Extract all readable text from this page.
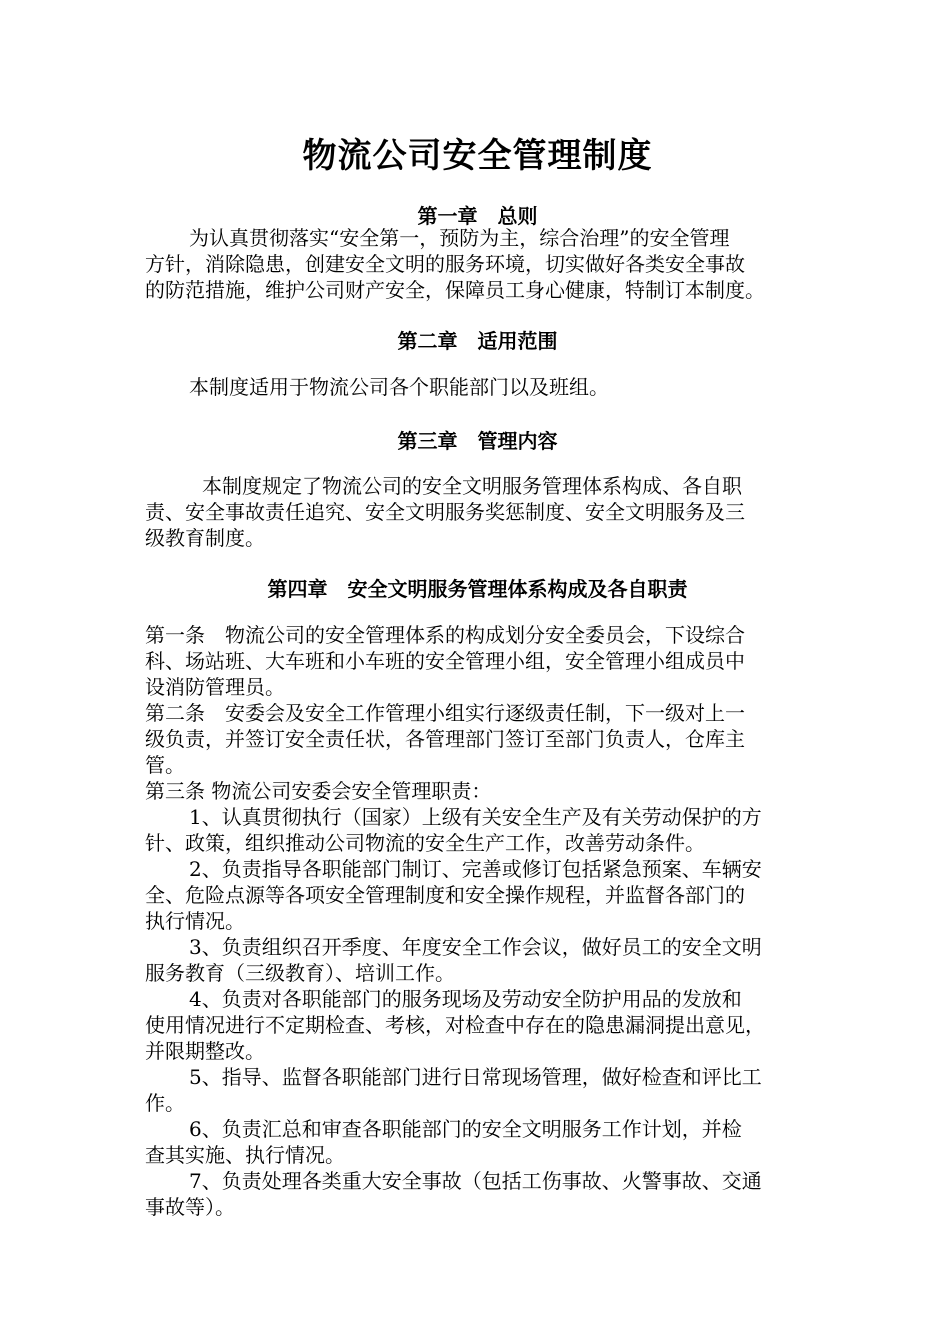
物流公司安全管理制度
第一章　总则
为认真贯彻落实“安全第一，预防为主，综合治理”的安全管理
方针，消除隐患，创建安全文明的服务环境，切实做好各类安全事故
的防范措施，维护公司财产安全，保障员工身心健康，特制订本制度。
第二章　适用范围
本制度适用于物流公司各个职能部门以及班组。
第三章　管理内容
本制度规定了物流公司的安全文明服务管理体系构成、各自职
责、安全事故责任追究、安全文明服务奖惩制度、安全文明服务及三
级教育制度。
第四章　安全文明服务管理体系构成及各自职责
第一条　物流公司的安全管理体系的构成划分安全委员会，下设综合
科、场站班、大车班和小车班的安全管理小组，安全管理小组成员中
设消防管理员。
第二条　安委会及安全工作管理小组实行逐级责任制，下一级对上一
级负责，并签订安全责任状，各管理部门签订至部门负责人，仓库主
管。
第三条 物流公司安委会安全管理职责：
1、认真贯彻执行（国家）上级有关安全生产及有关劳动保护的方
针、政策，组织推动公司物流的安全生产工作，改善劳动条件。
2、负责指导各职能部门制订、完善或修订包括紧急预案、车辆安
全、危险点源等各项安全管理制度和安全操作规程，并监督各部门的
执行情况。
3、负责组织召开季度、年度安全工作会议，做好员工的安全文明
服务教育（三级教育）、培训工作。
4、负责对各职能部门的服务现场及劳动安全防护用品的发放和
使用情况进行不定期检查、考核，对检查中存在的隐患漏洞提出意见，
并限期整改。
5、指导、监督各职能部门进行日常现场管理，做好检查和评比工
作。
6、负责汇总和审查各职能部门的安全文明服务工作计划，并检
查其实施、执行情况。
7、负责处理各类重大安全事故（包括工伤事故、火警事故、交通
事故等）。
